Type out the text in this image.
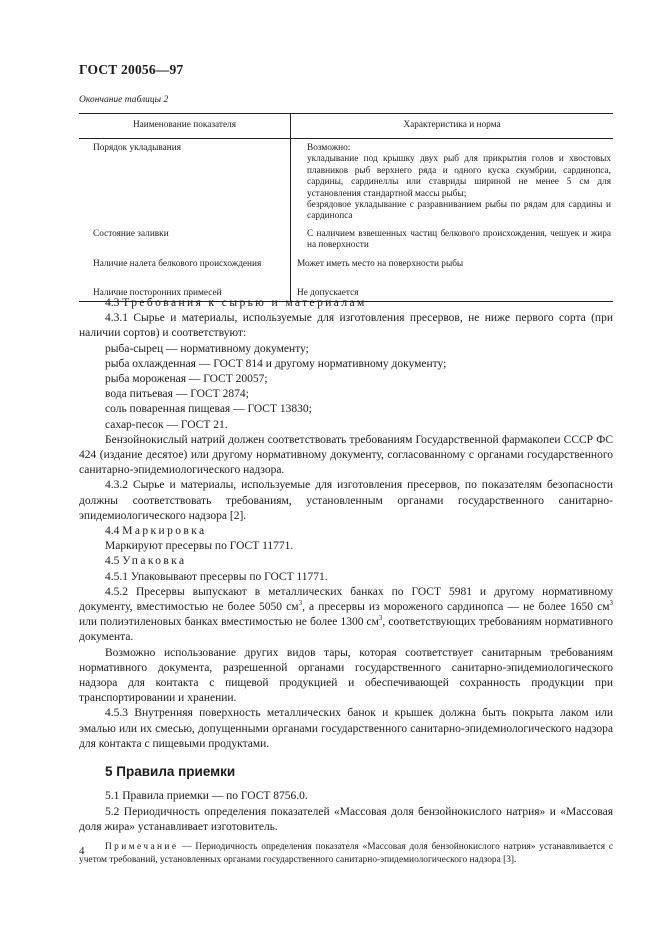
ГОСТ 20056—97
Окончание таблицы 2
Наименование показателя	Характеристика и норма
Порядок укладывания	Возможно:
укладывание под крышку двух рыб для прикрытия голов и хвостовых плавников рыб верхнего ряда и одного куска скумбрии, сардинопса, сардины, сардинеллы или ставриды шириной не менее 5 см для установления стандартной массы рыбы;
безрядовое укладывание с разравниванием рыбы по рядам для сардины и сардинопса

Состояние заливки	С наличием взвешенных частиц белкового происхождения, чешуек и жира на поверхности

Наличие налета белкового происхождения	Может иметь место на поверхности рыбы

Наличие посторонних примесей	Не допускается

4.3 Требования к сырью и материалам

4.3.1 Сырье и материалы, используемые для изготовления пресервов, не ниже первого сорта (при наличии сортов) и соответствуют:

рыба-сырец — нормативному документу;

рыба охлажденная — ГОСТ 814 и другому нормативному документу;

рыба мороженая — ГОСТ 20057;

вода питьевая — ГОСТ 2874;

соль поваренная пищевая — ГОСТ 13830;

сахар-песок — ГОСТ 21.

Бензойнокислый натрий должен соответствовать требованиям Государственной фармакопеи СССР ФС 424 (издание десятое) или другому нормативному документу, согласованному с органами государственного санитарно-эпидемиологического надзора.

4.3.2 Сырье и материалы, используемые для изготовления пресервов, по показателям безопасности должны соответствовать требованиям, установленным органами государственного санитарно-эпидемиологического надзора [2].

4.4 Маркировка

Маркируют пресервы по ГОСТ 11771.

4.5 Упаковка

4.5.1 Упаковывают пресервы по ГОСТ 11771.

4.5.2 Пресервы выпускают в металлических банках по ГОСТ 5981 и другому нормативному документу, вместимостью не более 5050 $см^3$, а пресервы из мороженого сардинопса — не более 1650 $см^3$ или полиэтиленовых банках вместимостью не более 1300 $см^3$, соответствующих требованиям нормативного документа.

Возможно использование других видов тары, которая соответствует санитарным требованиям нормативного документа, разрешенной органами государственного санитарно-эпидемиологического надзора для контакта с пищевой продукцией и обеспечивающей сохранность продукции при транспортировании и хранении.

4.5.3 Внутренняя поверхность металлических банок и крышек должна быть покрыта лаком или эмалью или их смесью, допущенными органами государственного санитарно-эпидемиологического надзора для контакта с пищевыми продуктами.

5 Правила приемки

5.1 Правила приемки — по ГОСТ 8756.0.

5.2 Периодичность определения показателей «Массовая доля бензойнокислого натрия» и «Массовая доля жира» устанавливает изготовитель.

Примечание — Периодичность определения показателя «Массовая доля бензойнокислого натрия» устанавливается с учетом требований, установленных органами государственного санитарно-эпидемиологического надзора [3].

4
